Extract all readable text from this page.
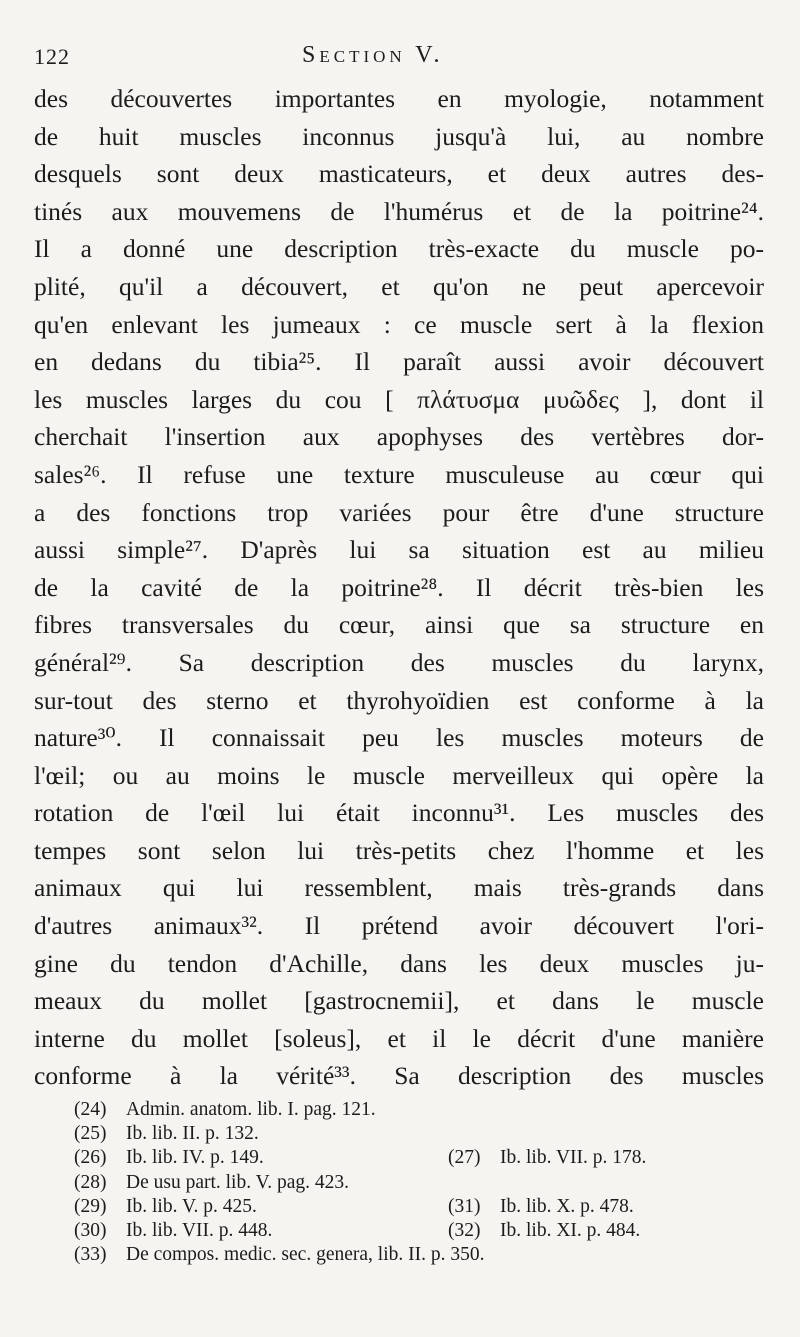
122	Section V.
des découvertes importantes en myologie, notamment
de huit muscles inconnus jusqu'à lui, au nombre
desquels sont deux masticateurs, et deux autres des-
tinés aux mouvemens de l'humérus et de la poitrine²⁴.
Il a donné une description très-exacte du muscle po-
plité, qu'il a découvert, et qu'on ne peut apercevoir
qu'en enlevant les jumeaux : ce muscle sert à la flexion
en dedans du tibia²⁵. Il paraît aussi avoir découvert
les muscles larges du cou [ πλάτυσμα μυῶδες ], dont il
cherchait l'insertion aux apophyses des vertèbres dor-
sales²⁶. Il refuse une texture musculeuse au cœur qui
a des fonctions trop variées pour être d'une structure
aussi simple²⁷. D'après lui sa situation est au milieu
de la cavité de la poitrine²⁸. Il décrit très-bien les
fibres transversales du cœur, ainsi que sa structure en
général²⁹. Sa description des muscles du larynx,
sur-tout des sterno et thyrohyoïdien est conforme à la
nature³⁰. Il connaissait peu les muscles moteurs de
l'œil; ou au moins le muscle merveilleux qui opère la
rotation de l'œil lui était inconnu³¹. Les muscles des
tempes sont selon lui très-petits chez l'homme et les
animaux qui lui ressemblent, mais très-grands dans
d'autres animaux³². Il prétend avoir découvert l'ori-
gine du tendon d'Achille, dans les deux muscles ju-
meaux du mollet [gastrocnemii], et dans le muscle
interne du mollet [soleus], et il le décrit d'une manière
conforme à la vérité³³. Sa description des muscles
(24) Admin. anatom. lib. I. pag. 121.
(25) Ib. lib. II. p. 132.
(26) Ib. lib. IV. p. 149.	(27) Ib. lib. VII. p. 178.
(28) De usu part. lib. V. pag. 423.
(29) Ib. lib. V. p. 425.	(31) Ib. lib. X. p. 478.
(30) Ib. lib. VII. p. 448.	(32) Ib. lib. XI. p. 484.
(33) De compos. medic. sec. genera, lib. II. p. 350.
